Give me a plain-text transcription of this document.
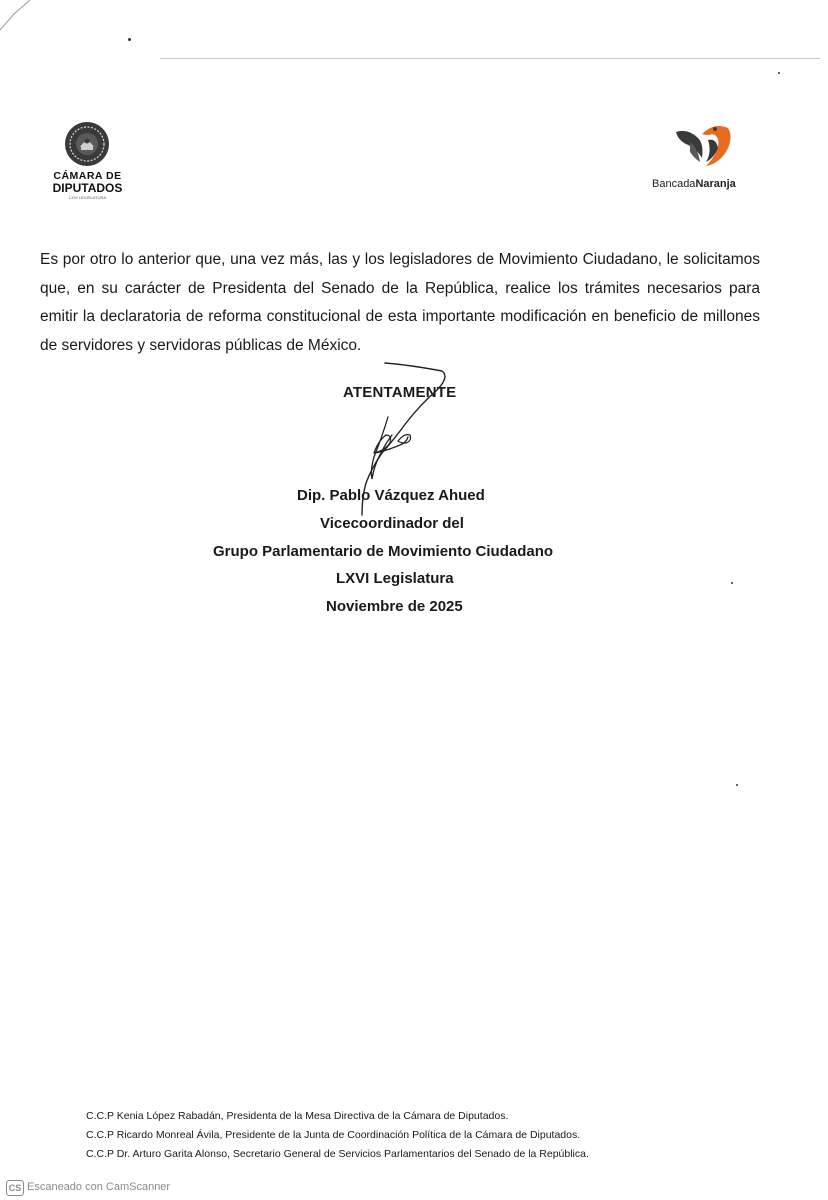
CÁMARA DE
DIPUTADOS
LXVI LEGISLATURA
BancadaNaranja

Es por otro lo anterior que, una vez más, las y los legisladores de Movimiento Ciudadano, le solicitamos que, en su carácter de Presidenta del Senado de la República, realice los trámites necesarios para emitir la declaratoria de reforma constitucional de esta importante modificación en beneficio de millones de servidores y servidoras públicas de México.

ATENTAMENTE
Dip. Pablo Vázquez Ahued
Vicecoordinador del
Grupo Parlamentario de Movimiento Ciudadano
LXVI Legislatura
Noviembre de 2025
C.C.P Kenia López Rabadán, Presidenta de la Mesa Directiva de la Cámara de Diputados.
C.C.P Ricardo Monreal Ávila, Presidente de la Junta de Coordinación Política de la Cámara de Diputados.
C.C.P Dr. Arturo Garita Alonso, Secretario General de Servicios Parlamentarios del Senado de la República.
CS Escaneado con CamScanner
